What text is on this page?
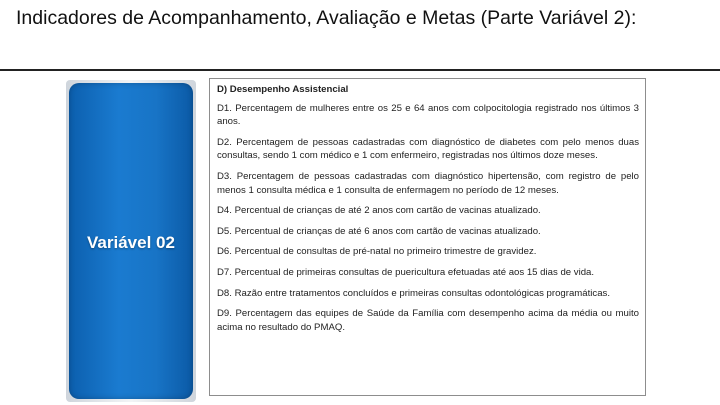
Indicadores de Acompanhamento, Avaliação e Metas (Parte Variável 2):
Variável 02
D) Desempenho Assistencial
D1. Percentagem de mulheres entre os 25 e 64 anos com colpocitologia registrado nos últimos 3 anos.
D2. Percentagem de pessoas cadastradas com diagnóstico de diabetes com pelo menos duas consultas, sendo 1 com médico e 1 com enfermeiro, registradas nos últimos doze meses.
D3. Percentagem de pessoas cadastradas com diagnóstico hipertensão, com registro de pelo menos 1 consulta médica e 1 consulta de enfermagem no período de 12 meses.
D4. Percentual de crianças de até 2 anos com cartão de vacinas atualizado.
D5. Percentual de crianças de até 6 anos com cartão de vacinas atualizado.
D6. Percentual de consultas de pré-natal no primeiro trimestre de gravidez.
D7. Percentual de primeiras consultas de puericultura efetuadas até aos 15 dias de vida.
D8. Razão entre tratamentos concluídos e primeiras consultas odontológicas programáticas.
D9. Percentagem das equipes de Saúde da Família com desempenho acima da média ou muito acima no resultado do PMAQ.
